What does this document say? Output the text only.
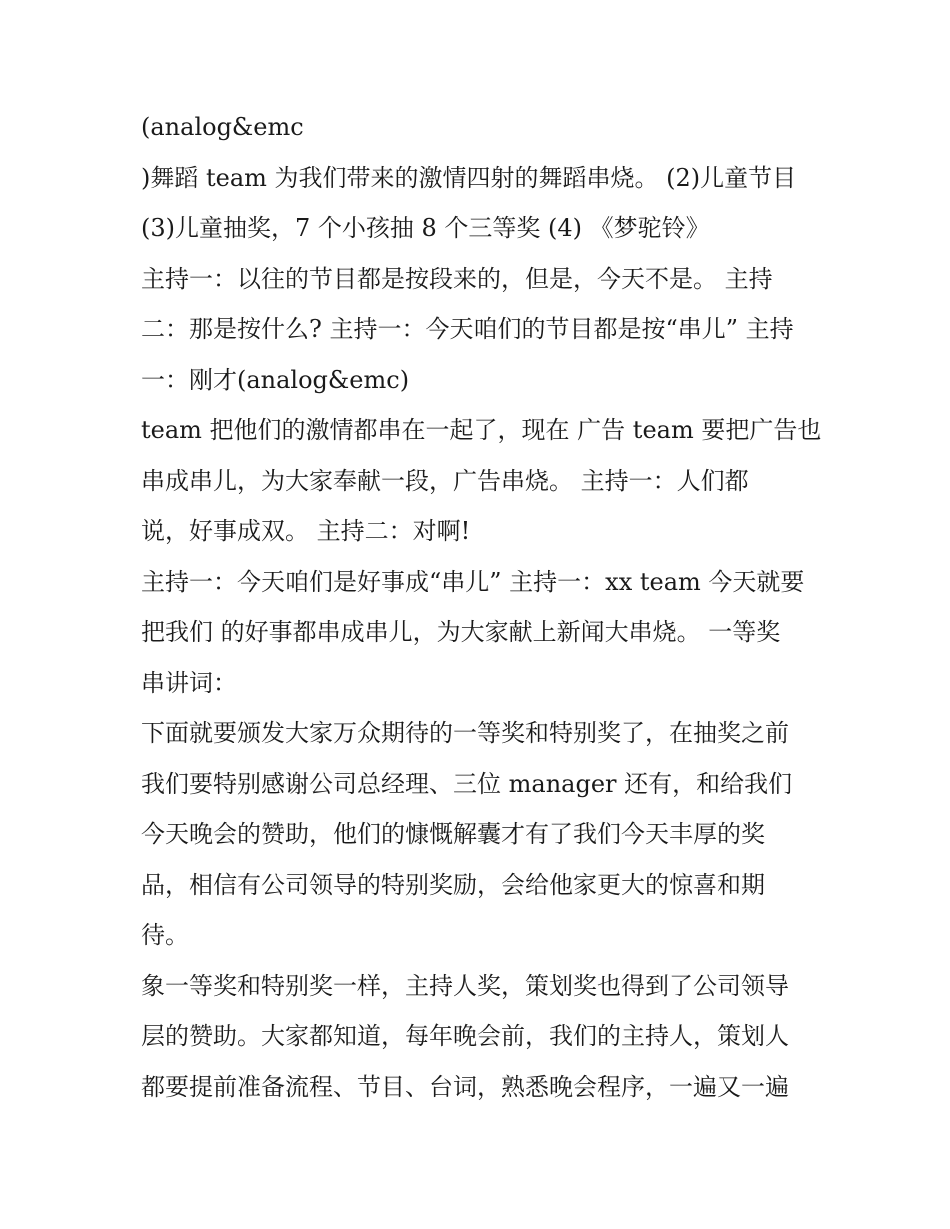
(analog&emc
)舞蹈 team 为我们带来的激情四射的舞蹈串烧。 (2)儿童节目
(3)儿童抽奖，7 个小孩抽 8 个三等奖 (4) 《梦驼铃》
主持一：以往的节目都是按段来的，但是，今天不是。 主持
二：那是按什么? 主持一：今天咱们的节目都是按“串儿” 主持
一：刚才(analog&emc)
team 把他们的激情都串在一起了，现在 广告 team 要把广告也
串成串儿，为大家奉献一段，广告串烧。 主持一：人们都
说，好事成双。 主持二：对啊!
主持一：今天咱们是好事成“串儿” 主持一：xx team 今天就要
把我们 的好事都串成串儿，为大家献上新闻大串烧。 一等奖
串讲词：
下面就要颁发大家万众期待的一等奖和特别奖了，在抽奖之前
我们要特别感谢公司总经理、三位 manager 还有，和给我们
今天晚会的赞助，他们的慷慨解囊才有了我们今天丰厚的奖
品，相信有公司领导的特别奖励，会给他家更大的惊喜和期
待。
象一等奖和特别奖一样，主持人奖，策划奖也得到了公司领导
层的赞助。大家都知道，每年晚会前，我们的主持人，策划人
都要提前准备流程、节目、台词，熟悉晚会程序，一遍又一遍
